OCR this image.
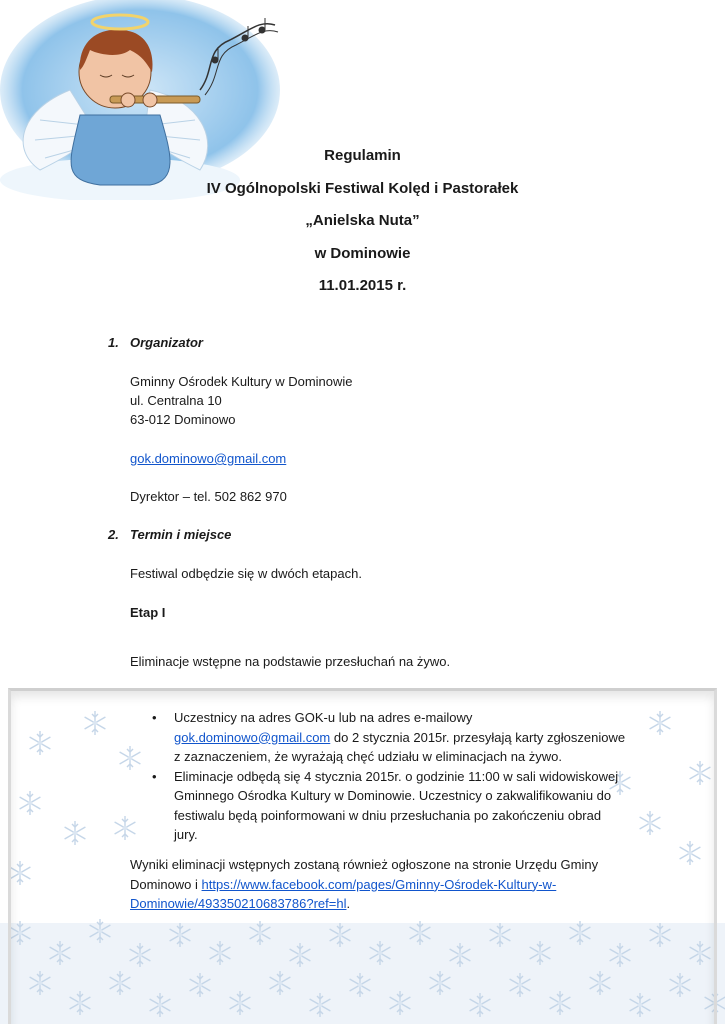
Regulamin

IV Ogólnopolski Festiwal Kolęd i Pastorałek

„Anielska Nuta”

w Dominowie

11.01.2015 r.

1. Organizator
Gminny Ośrodek Kultury w Dominowie
ul. Centralna 10
63-012 Dominowo
gok.dominowo@gmail.com
Dyrektor – tel. 502 862 970
2. Termin i miejsce
Festiwal odbędzie się w dwóch etapach.
Etap I
Eliminacje wstępne na podstawie przesłuchań na żywo.
• Uczestnicy na adres GOK-u lub na adres e-mailowy
gok.dominowo@gmail.com do 2 stycznia 2015r. przesyłają karty zgłoszeniowe
z zaznaczeniem, że wyrażają chęć udziału w eliminacjach na żywo.
• Eliminacje odbędą się 4 stycznia 2015r. o godzinie 11:00 w sali widowiskowej
Gminnego Ośrodka Kultury w Dominowie. Uczestnicy o zakwalifikowaniu do
festiwalu będą poinformowani w dniu przesłuchania po zakończeniu obrad
jury.
Wyniki eliminacji wstępnych zostaną również ogłoszone na stronie Urzędu Gminy
Dominowo i https://www.facebook.com/pages/Gminny-Ośrodek-Kultury-w-
Dominowie/493350210683786?ref=hl.
